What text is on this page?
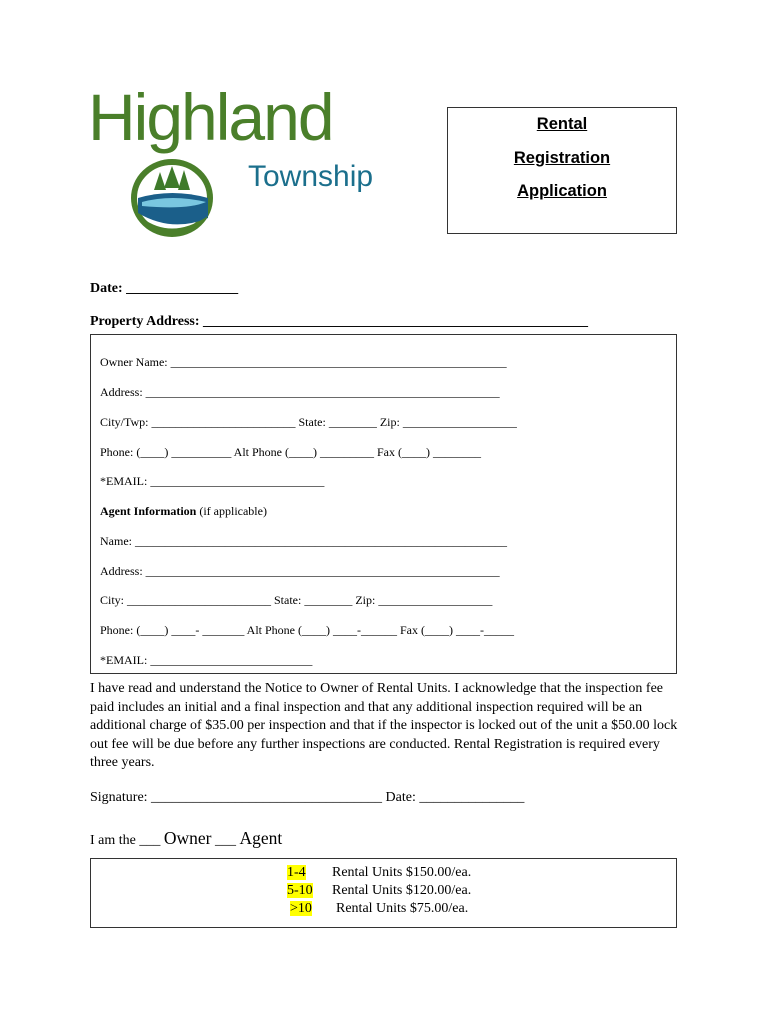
Highland
Township
Rental
Registration
Application
Date: ________________
Property Address: _______________________________________________________
Owner Name: ________________________________________________________
Address: ___________________________________________________________
City/Twp: ________________________ State: ________ Zip: ___________________
Phone: (____) __________ Alt Phone (____) _________ Fax (____) ________
*EMAIL: _____________________________
Agent Information (if applicable)
Name: ______________________________________________________________
Address: ___________________________________________________________
City: ________________________ State: ________ Zip: ___________________
Phone: (____) ____- _______ Alt Phone (____) ____-______ Fax (____) ____-_____
*EMAIL: ___________________________
I have read and understand the Notice to Owner of Rental Units. I acknowledge that the inspection fee paid includes an initial and a final inspection and that any additional inspection required will be an additional charge of $35.00 per inspection and that if the inspector is locked out of the unit a $50.00 lock out fee will be due before any further inspections are conducted. Rental Registration is required every three years.
Signature: _________________________________ Date: _______________
I am the ___ Owner ___ Agent
1-4 Rental Units $150.00/ea.
5-10 Rental Units $120.00/ea.
>10 Rental Units $75.00/ea.
